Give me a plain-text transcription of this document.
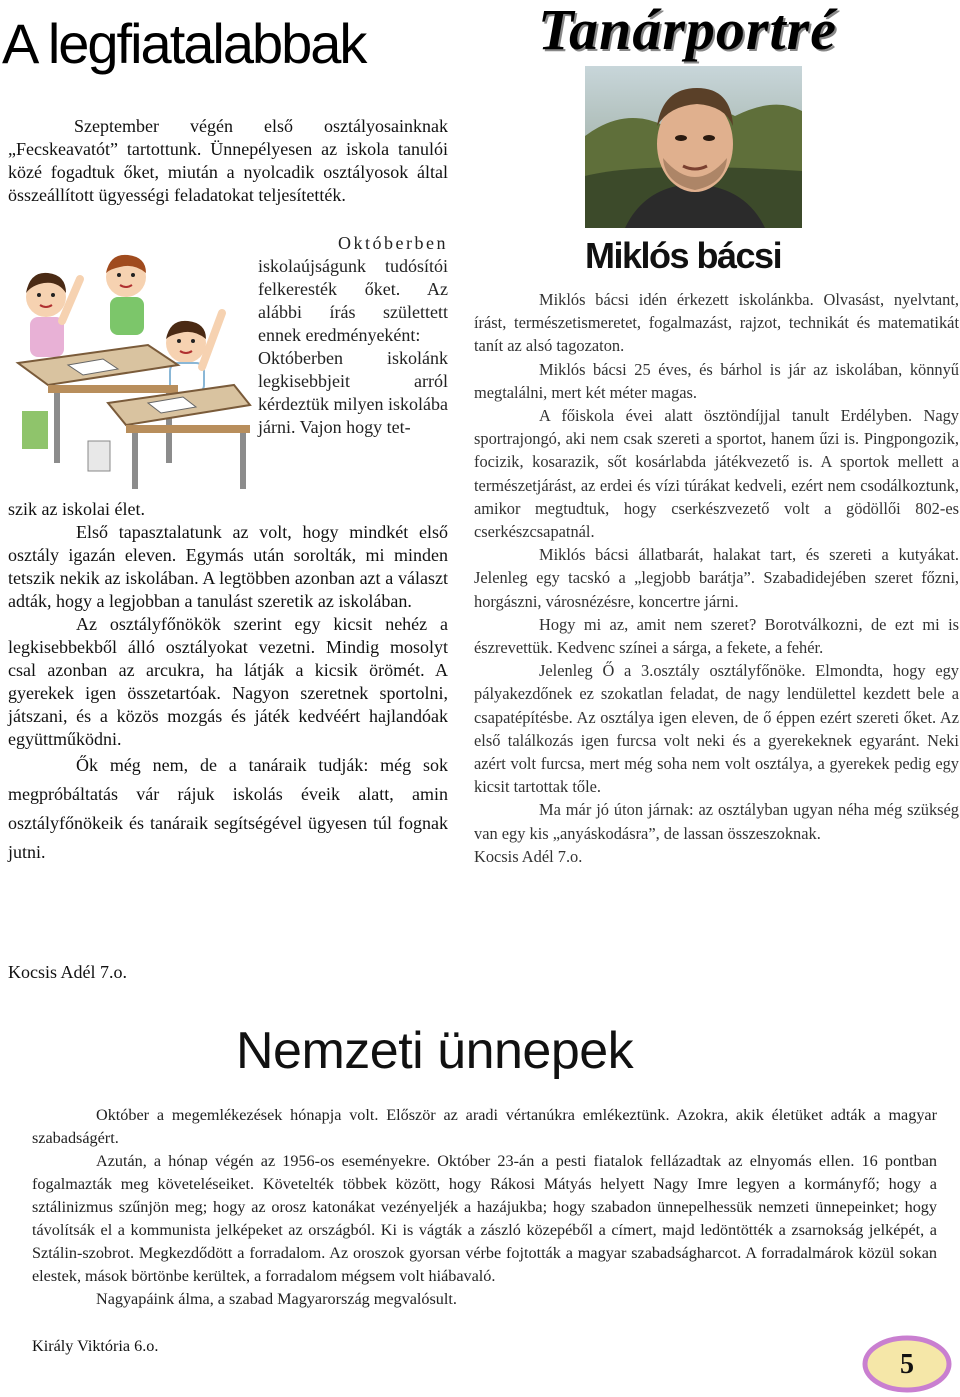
A legfiatalabbak

Szeptember végén első osztályosainknak „Fecskeavatót” tartottunk. Ünnepélyesen az iskola tanulói közé fogadtuk őket, miután a nyolcadik osztályosok által összeállított ügyességi feladatokat teljesítették.

Októberben

iskolaújságunk tudósítói felkeresték őket. Az alábbi írás születtett ennek eredményeként:

Októberben iskolánk legkisebbjeit arról kérdeztük milyen iskolába járni. Vajon hogy tet-

szik az iskolai élet.

Első tapasztalatunk az volt, hogy mindkét első osztály igazán eleven. Egymás után sorolták, mi minden tetszik nekik az iskolában. A legtöbben azonban azt a választ adták, hogy a legjobban a tanulást szeretik az iskolában.

Az osztályfőnökök szerint egy kicsit nehéz a legkisebbekből álló osztályokat vezetni. Mindig mosolyt csal azonban az arcukra, ha látják a kicsik örömét. A gyerekek igen összetartóak. Nagyon szeretnek sportolni, játszani, és a közös mozgás és játék kedvéért hajlandóak együttműködni.

Ők még nem, de a tanáraik tudják: még sok megpróbáltatás vár rájuk iskolás éveik alatt, amin osztályfőnökeik és tanáraik segítségével ügyesen túl fognak jutni.

Kocsis Adél 7.o.
Tanárportré
Miklós bácsi

Miklós bácsi idén érkezett iskolánkba. Olvasást, nyelvtant, írást, természetismeretet, fogalmazást, rajzot, technikát és matematikát tanít az alsó tagozaton.

Miklós bácsi 25 éves, és bárhol is jár az iskolában, könnyű megtalálni, mert két méter magas.

A főiskola évei alatt ösztöndíjjal tanult Erdélyben. Nagy sportrajongó, aki nem csak szereti a sportot, hanem űzi is. Pingpongozik, focizik, kosarazik, sőt kosárlabda játékvezető is. A sportok mellett a természetjárást, az erdei és vízi túrákat kedveli, ezért nem csodálkoztunk, amikor megtudtuk, hogy cserkészvezető volt a gödöllői 802-es cserkészcsapatnál.

Miklós bácsi állatbarát, halakat tart, és szereti a kutyákat. Jelenleg egy tacskó a „legjobb barátja”. Szabadidejében szeret főzni, horgászni, városnézésre, koncertre járni.

Hogy mi az, amit nem szeret? Borotválkozni, de ezt mi is észrevettük. Kedvenc színei a sárga, a fekete, a fehér.

Jelenleg Ő a 3.osztály osztályfőnöke. Elmondta, hogy egy pályakezdőnek ez szokatlan feladat, de nagy lendülettel kezdett bele a csapatépítésbe. Az osztálya igen eleven, de ő éppen ezért szereti őket. Az első találkozás igen furcsa volt neki és a gyerekeknek egyaránt. Neki azért volt furcsa, mert még soha nem volt osztálya, a gyerekek pedig egy kicsit tartottak tőle.

Ma már jó úton járnak: az osztályban ugyan néha még szükség van egy kis „anyáskodásra”, de lassan összeszoknak.

Kocsis Adél 7.o.

Nemzeti ünnepek

Október a megemlékezések hónapja volt. Először az aradi vértanúkra emlékeztünk. Azokra, akik életüket adták a magyar szabadságért.

Azután, a hónap végén az 1956-os eseményekre. Október 23-án a pesti fiatalok fellázadtak az elnyomás ellen. 16 pontban fogalmazták meg követeléseiket. Követelték többek között, hogy Rákosi Mátyás helyett Nagy Imre legyen a kormányfő; hogy a sztálinizmus szűnjön meg; hogy az orosz katonákat vezényeljék a hazájukba; hogy szabadon ünnepelhessük nemzeti ünnepeinket; hogy távolítsák el a kommunista jelképeket az országból. Ki is vágták a zászló közepéből a címert, majd ledöntötték a zsarnokság jelképét, a Sztálin-szobrot. Megkezdődött a forradalom. Az oroszok gyorsan vérbe fojtották a magyar szabadságharcot. A forradalmárok közül sokan elestek, mások börtönbe kerültek, a forradalom mégsem volt hiábavaló.

Nagyapáink álma, a szabad Magyarország megvalósult.

Király Viktória 6.o.
5
